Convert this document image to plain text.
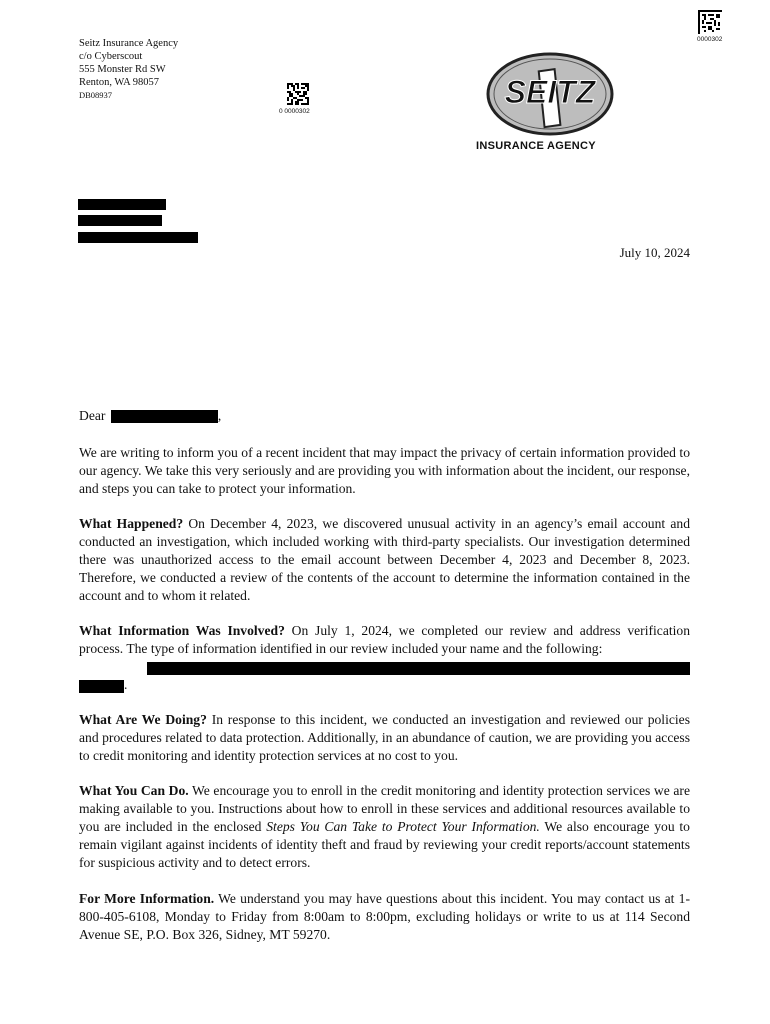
Seitz Insurance Agency
c/o Cyberscout
555 Monster Rd SW
Renton, WA 98057
DB08937
0 0000302
0000302
SEITZ
INSURANCE AGENCY
July 10, 2024
Dear	,

We are writing to inform you of a recent incident that may impact the privacy of certain information provided to our agency. We take this very seriously and are providing you with information about the incident, our response, and steps you can take to protect your information.

What Happened? On December 4, 2023, we discovered unusual activity in an agency’s email account and conducted an investigation, which included working with third-party specialists. Our investigation determined there was unauthorized access to the email account between December 4, 2023 and December 8, 2023. Therefore, we conducted a review of the contents of the account to determine the information contained in the account and to whom it related.

What Information Was Involved? On July 1, 2024, we completed our review and address verification process. The type of information identified in our review included your name and the following:

.

What Are We Doing? In response to this incident, we conducted an investigation and reviewed our policies and procedures related to data protection. Additionally, in an abundance of caution, we are providing you access to credit monitoring and identity protection services at no cost to you.

What You Can Do. We encourage you to enroll in the credit monitoring and identity protection services we are making available to you. Instructions about how to enroll in these services and additional resources available to you are included in the enclosed Steps You Can Take to Protect Your Information. We also encourage you to remain vigilant against incidents of identity theft and fraud by reviewing your credit reports/account statements for suspicious activity and to detect errors.

For More Information. We understand you may have questions about this incident. You may contact us at 1-800-405-6108, Monday to Friday from 8:00am to 8:00pm, excluding holidays or write to us at 114 Second Avenue SE, P.O. Box 326, Sidney, MT 59270.
